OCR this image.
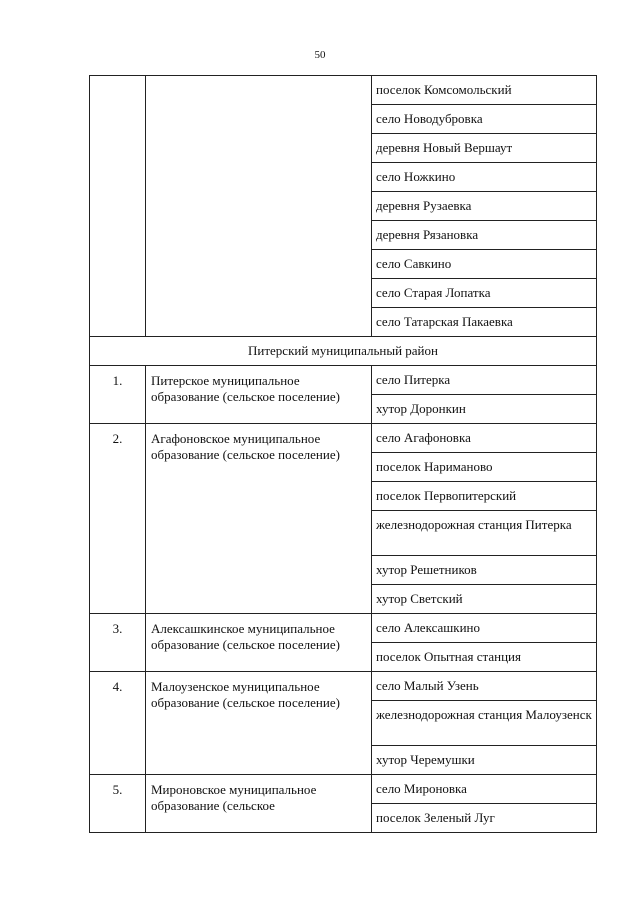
50
		поселок Комсомольский
		село Новодубровка
		деревня Новый Вершаут
		село Ножкино
		деревня Рузаевка
		деревня Рязановка
		село Савкино
		село Старая Лопатка
		село Татарская Пакаевка
Питерский муниципальный район		
1.	Питерское муниципальное образование (сельское поселение)	село Питерка
		хутор Доронкин
2.	Агафоновское муниципальное образование (сельское поселение)	село Агафоновка
		поселок Нариманово
		поселок Первопитерский
		железнодорожная станция Питерка
		хутор Решетников
		хутор Светский
3.	Алексашкинское муниципальное образование (сельское поселение)	село Алексашкино
		поселок Опытная станция
4.	Малоузенское муниципальное образование (сельское поселение)	село Малый Узень
		железнодорожная станция Малоузенск
		хутор Черемушки
5.	Мироновское муниципальное образование (сельское	село Мироновка
		поселок Зеленый Луг
